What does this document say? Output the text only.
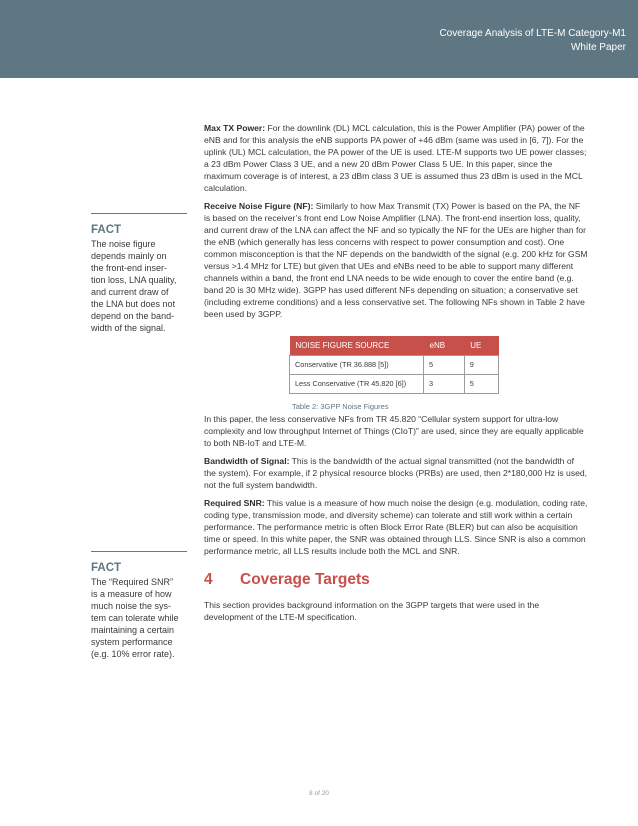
Coverage Analysis of LTE-M Category-M1
White Paper
FACT
The noise figure
depends mainly on
the front-end inser-
tion loss, LNA quality,
and current draw of
the LNA but does not
depend on the band-
width of the signal.
FACT
The “Required SNR”
is a measure of how
much noise the sys-
tem can tolerate while
maintaining a certain
system performance
(e.g. 10% error rate).

Max TX Power: For the downlink (DL) MCL calculation, this is the Power Amplifier (PA) power of the eNB and for this analysis the eNB supports PA power of +46 dBm (same was used in [6, 7]). For the uplink (UL) MCL calculation, the PA power of the UE is used. LTE-M supports two UE power classes; a 23 dBm Power Class 3 UE, and a new 20 dBm Power Class 5 UE. In this paper, since the maximum coverage is of interest, a 23 dBm class 3 UE is assumed thus 23 dBm is used in the MCL calculation.

Receive Noise Figure (NF): Similarly to how Max Transmit (TX) Power is based on the PA, the NF is based on the receiver’s front end Low Noise Amplifier (LNA). The front-end insertion loss, quality, and current draw of the LNA can affect the NF and so typically the NF for the UEs are higher than for the eNB (which generally has less concerns with respect to power consumption and cost). One common misconception is that the NF depends on the bandwidth of the signal (e.g. 200 kHz for GSM versus >1.4 MHz for LTE) but given that UEs and eNBs need to be able to support many different channels within a band, the front end LNA needs to be wide enough to cover the entire band (e.g. band 20 is 30 MHz wide). 3GPP has used different NFs depending on situation; a conservative set (including extreme conditions) and a less conservative set. The following NFs shown in Table 2 have been used by 3GPP.

NOISE FIGURE SOURCE	eNB	UE
Conservative (TR 36.888 [5])	5	9
Less Conservative (TR 45.820 [6])	3	5
Table 2: 3GPP Noise Figures

In this paper, the less conservative NFs from TR 45.820 “Cellular system support for ultra-low complexity and low throughput Internet of Things (CIoT)” are used, since they are equally applicable to both NB-IoT and LTE-M.

Bandwidth of Signal: This is the bandwidth of the actual signal transmitted (not the bandwidth of the system). For example, if 2 physical resource blocks (PRBs) are used, then 2*180,000 Hz is used, not the full system bandwidth.

Required SNR: This value is a measure of how much noise the design (e.g. modulation, coding rate, coding type, transmission mode, and diversity scheme) can tolerate and still work within a certain performance. The performance metric is often Block Error Rate (BLER) but can also be acquisition time or speed. In this white paper, the SNR was obtained through LLS. Since SNR is also a common performance metric, all LLS results include both the MCL and SNR.

4 Coverage Targets

This section provides background information on the 3GPP targets that were used in the development of the LTE-M specification.

8 of 20
